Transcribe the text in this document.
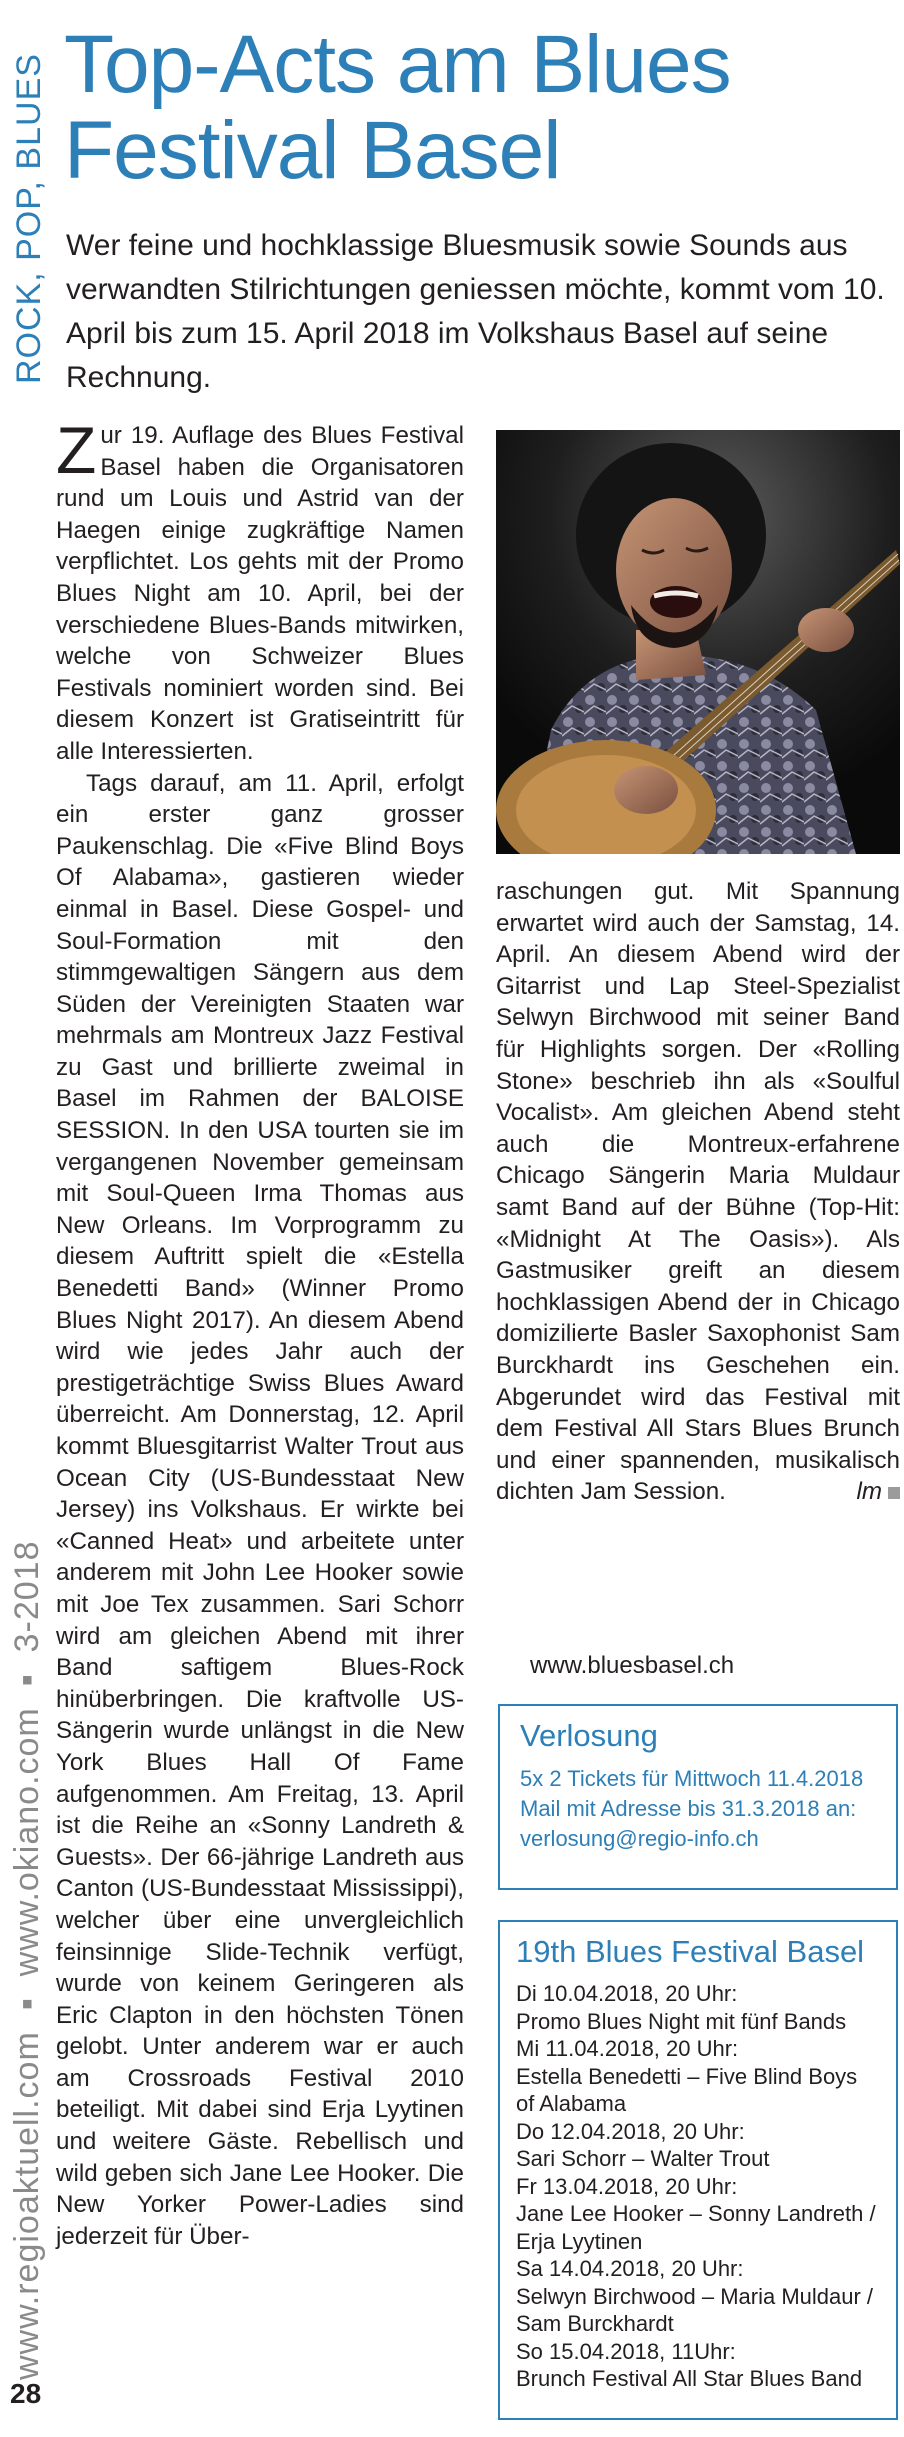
ROCK, POP, BLUES
www.regioaktuell.com  ▪  www.okiano.com  ▪  3-2018
28
Top-Acts am Blues Festival Basel

Wer feine und hochklassige Bluesmusik sowie Sounds aus verwandten Stilrichtungen geniessen möchte, kommt vom 10. April bis zum 15. April 2018 im Volkshaus Basel auf seine Rechnung.

Zur 19. Auflage des Blues Festival Basel haben die Organisatoren rund um Louis und Astrid van der Haegen einige zugkräftige Namen verpflichtet. Los gehts mit der Promo Blues Night am 10. April, bei der verschiedene Blues-Bands mitwirken, welche von Schweizer Blues Festivals nominiert worden sind. Bei diesem Konzert ist Gratiseintritt für alle Interessierten.

Tags darauf, am 11. April, erfolgt ein erster ganz grosser Paukenschlag. Die «Five Blind Boys Of Alabama», gastieren wieder einmal in Basel. Diese Gospel- und Soul-Formation mit den stimmgewaltigen Sängern aus dem Süden der Vereinigten Staaten war mehrmals am Montreux Jazz Festival zu Gast und brillierte zweimal in Basel im Rahmen der BALOISE SESSION. In den USA tourten sie im vergangenen November gemeinsam mit Soul-Queen Irma Thomas aus New Orleans. Im Vorprogramm zu diesem Auftritt spielt die «Estella Benedetti Band» (Winner Promo Blues Night 2017). An diesem Abend wird wie jedes Jahr auch der prestigeträchtige Swiss Blues Award überreicht. Am Donnerstag, 12. April kommt Bluesgitarrist Walter Trout aus Ocean City (US-Bundesstaat New Jersey) ins Volkshaus. Er wirkte bei «Canned Heat» und arbeitete unter anderem mit John Lee Hooker sowie mit Joe Tex zusammen. Sari Schorr wird am gleichen Abend mit ihrer Band saftigem Blues-Rock hinüberbringen. Die kraftvolle US-Sängerin wurde unlängst in die New York Blues Hall Of Fame aufgenommen. Am Freitag, 13. April ist die Reihe an «Sonny Landreth & Guests». Der 66-jährige Landreth aus Canton (US-Bundesstaat Mississippi), welcher über eine unvergleichlich feinsinnige Slide-Technik verfügt, wurde von keinem Geringeren als Eric Clapton in den höchsten Tönen gelobt. Unter anderem war er auch am Crossroads Festival 2010 beteiligt. Mit dabei sind Erja Lyytinen und weitere Gäste. Rebellisch und wild geben sich Jane Lee Hooker. Die New Yorker Power-Ladies sind jederzeit für Über-

raschungen gut. Mit Spannung erwartet wird auch der Samstag, 14. April. An diesem Abend wird der Gitarrist und Lap Steel-Spezialist Selwyn Birchwood mit seiner Band für Highlights sorgen. Der «Rolling Stone» beschrieb ihn als «Soulful Vocalist». Am gleichen Abend steht auch die Montreux-erfahrene Chicago Sängerin Maria Muldaur samt Band auf der Bühne (Top-Hit: «Midnight At The Oasis»). Als Gastmusiker greift an diesem hochklassigen Abend der in Chicago domizilierte Basler Saxophonist Sam Burckhardt ins Geschehen ein. Abgerundet wird das Festival mit dem Festival All Stars Blues Brunch und einer spannenden, musikalisch dichten Jam Session.	lm

www.bluesbasel.ch
Verlosung
5x 2 Tickets für Mittwoch 11.4.2018
Mail mit Adresse bis 31.3.2018 an:
verlosung@regio-info.ch
19th Blues Festival Basel
Di 10.04.2018, 20 Uhr:
Promo Blues Night mit fünf Bands
Mi 11.04.2018, 20 Uhr:
Estella Benedetti – Five Blind Boys of Alabama
Do 12.04.2018, 20 Uhr:
Sari Schorr – Walter Trout
Fr 13.04.2018, 20 Uhr:
Jane Lee Hooker – Sonny Landreth / Erja Lyytinen
Sa 14.04.2018, 20 Uhr:
Selwyn Birchwood – Maria Muldaur / Sam Burckhardt
So 15.04.2018, 11Uhr:
Brunch Festival All Star Blues Band
